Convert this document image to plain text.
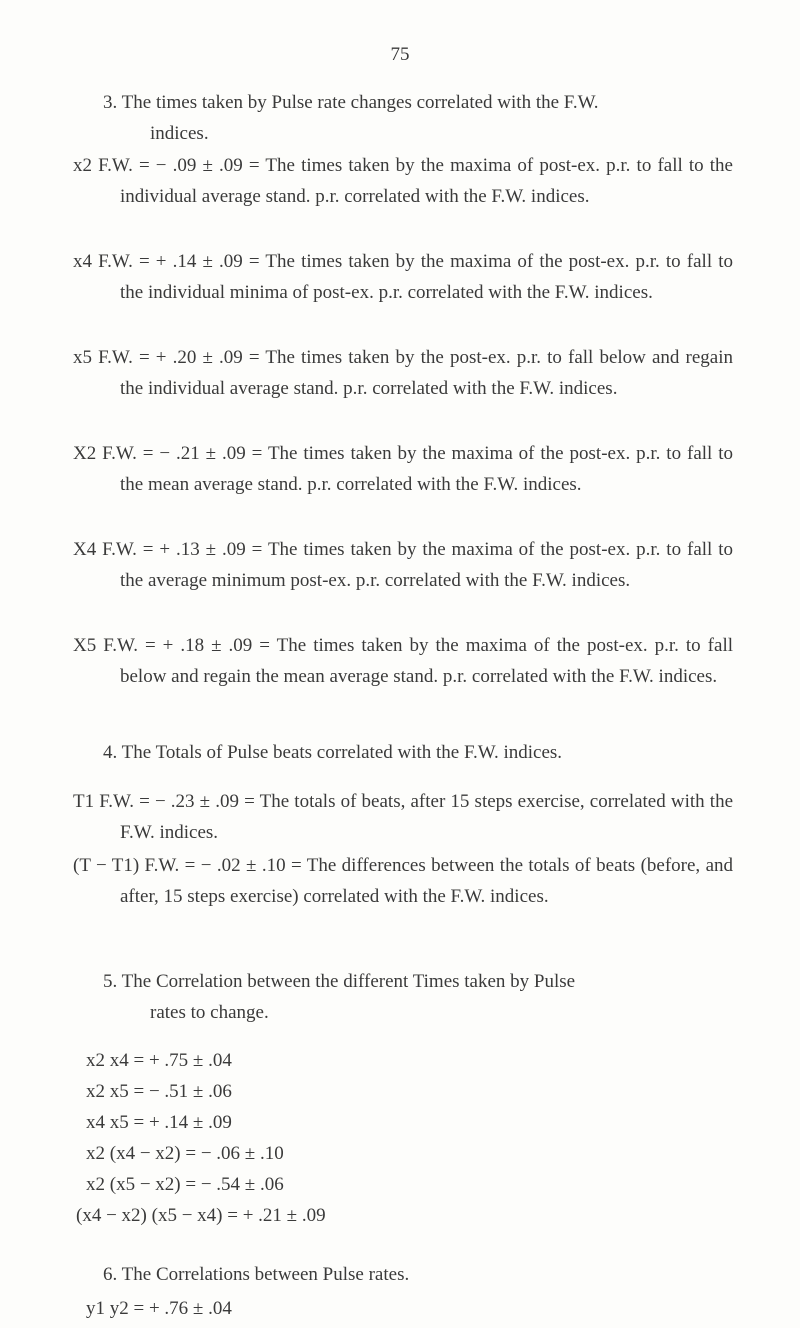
75
3. The times taken by Pulse rate changes correlated with the F.W.
indices.
x2 F.W. = − .09 ± .09 = The times taken by the maxima of post-ex. p.r. to fall to the individual average stand. p.r. correlated with the F.W. indices.
x4 F.W. = + .14 ± .09 = The times taken by the maxima of the post-ex. p.r. to fall to the individual minima of post-ex. p.r. correlated with the F.W. indices.
x5 F.W. = + .20 ± .09 = The times taken by the post-ex. p.r. to fall below and regain the individual average stand. p.r. correlated with the F.W. indices.
X2 F.W. = − .21 ± .09 = The times taken by the maxima of the post-ex. p.r. to fall to the mean average stand. p.r. correlated with the F.W. indices.
X4 F.W. = + .13 ± .09 = The times taken by the maxima of the post-ex. p.r. to fall to the average minimum post-ex. p.r. correlated with the F.W. indices.
X5 F.W. = + .18 ± .09 = The times taken by the maxima of the post-ex. p.r. to fall below and regain the mean average stand. p.r. correlated with the F.W. indices.
4. The Totals of Pulse beats correlated with the F.W. indices.
T1 F.W. = − .23 ± .09 = The totals of beats, after 15 steps exercise, correlated with the F.W. indices.
(T − T1) F.W. = − .02 ± .10 = The differences between the totals of beats (before, and after, 15 steps exercise) correlated with the F.W. indices.
5. The Correlation between the different Times taken by Pulse
rates to change.
x2 x4 = + .75 ± .04
x2 x5 = − .51 ± .06
x4 x5 = + .14 ± .09
x2 (x4 − x2) = − .06 ± .10
x2 (x5 − x2) = − .54 ± .06
(x4 − x2) (x5 − x4) = + .21 ± .09
6. The Correlations between Pulse rates.
y1 y2 = + .76 ± .04
